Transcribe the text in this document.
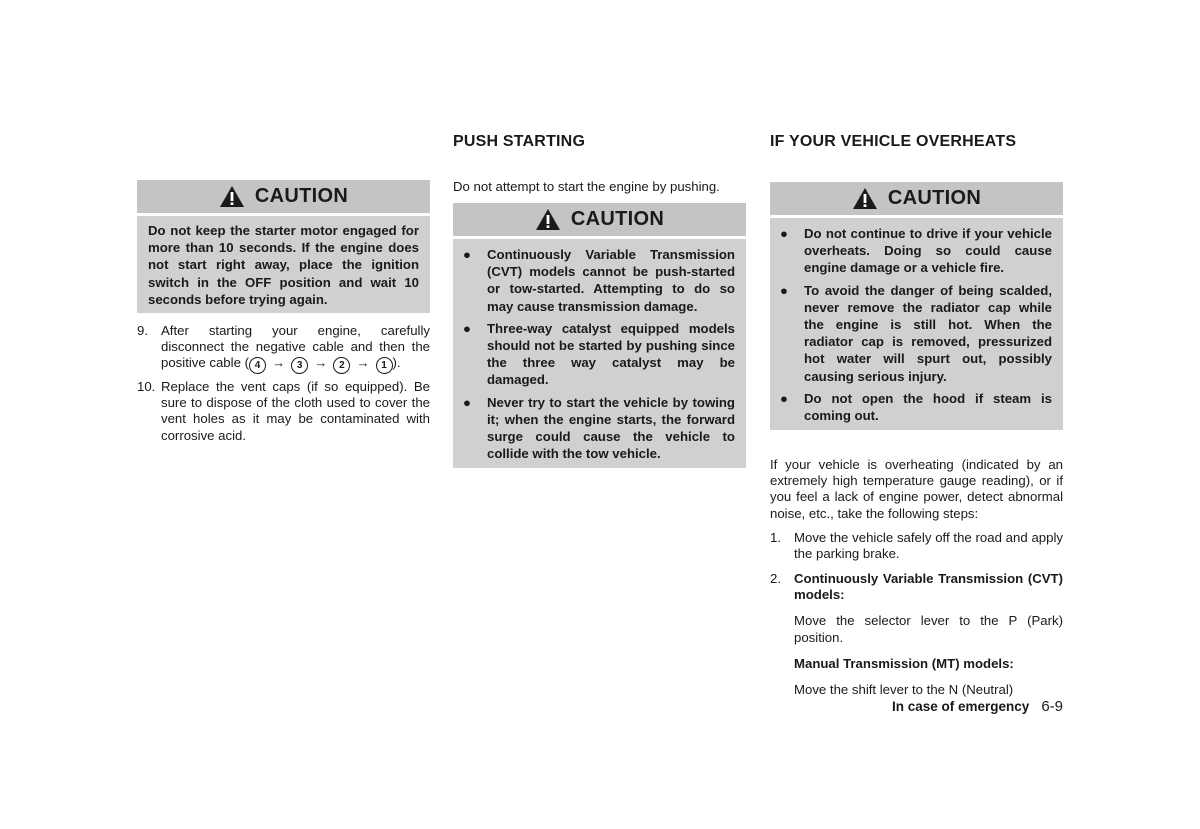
CAUTION

Do not keep the starter motor engaged for more than 10 seconds. If the engine does not start right away, place the ignition switch in the OFF position and wait 10 seconds before trying again.

9. After starting your engine, carefully disconnect the negative cable and then the positive cable ( 4 → 3 → 2 → 1 ).
10. Replace the vent caps (if so equipped). Be sure to dispose of the cloth used to cover the vent holes as it may be contaminated with corrosive acid.
PUSH STARTING

Do not attempt to start the engine by pushing.

CAUTION
● Continuously Variable Transmission (CVT) models cannot be push-started or tow-started. Attempting to do so may cause transmission damage.
● Three-way catalyst equipped models should not be started by pushing since the three way catalyst may be damaged.
● Never try to start the vehicle by towing it; when the engine starts, the forward surge could cause the vehicle to collide with the tow vehicle.
IF YOUR VEHICLE OVERHEATS
CAUTION
● Do not continue to drive if your vehicle overheats. Doing so could cause engine damage or a vehicle fire.
● To avoid the danger of being scalded, never remove the radiator cap while the engine is still hot. When the radiator cap is removed, pressurized hot water will spurt out, possibly causing serious injury.
● Do not open the hood if steam is coming out.

If your vehicle is overheating (indicated by an extremely high temperature gauge reading), or if you feel a lack of engine power, detect abnormal noise, etc., take the following steps:

1. Move the vehicle safely off the road and apply the parking brake.
2. Continuously Variable Transmission (CVT) models:
Move the selector lever to the P (Park) position.
Manual Transmission (MT) models:
Move the shift lever to the N (Neutral)
In case of emergency 6-9
